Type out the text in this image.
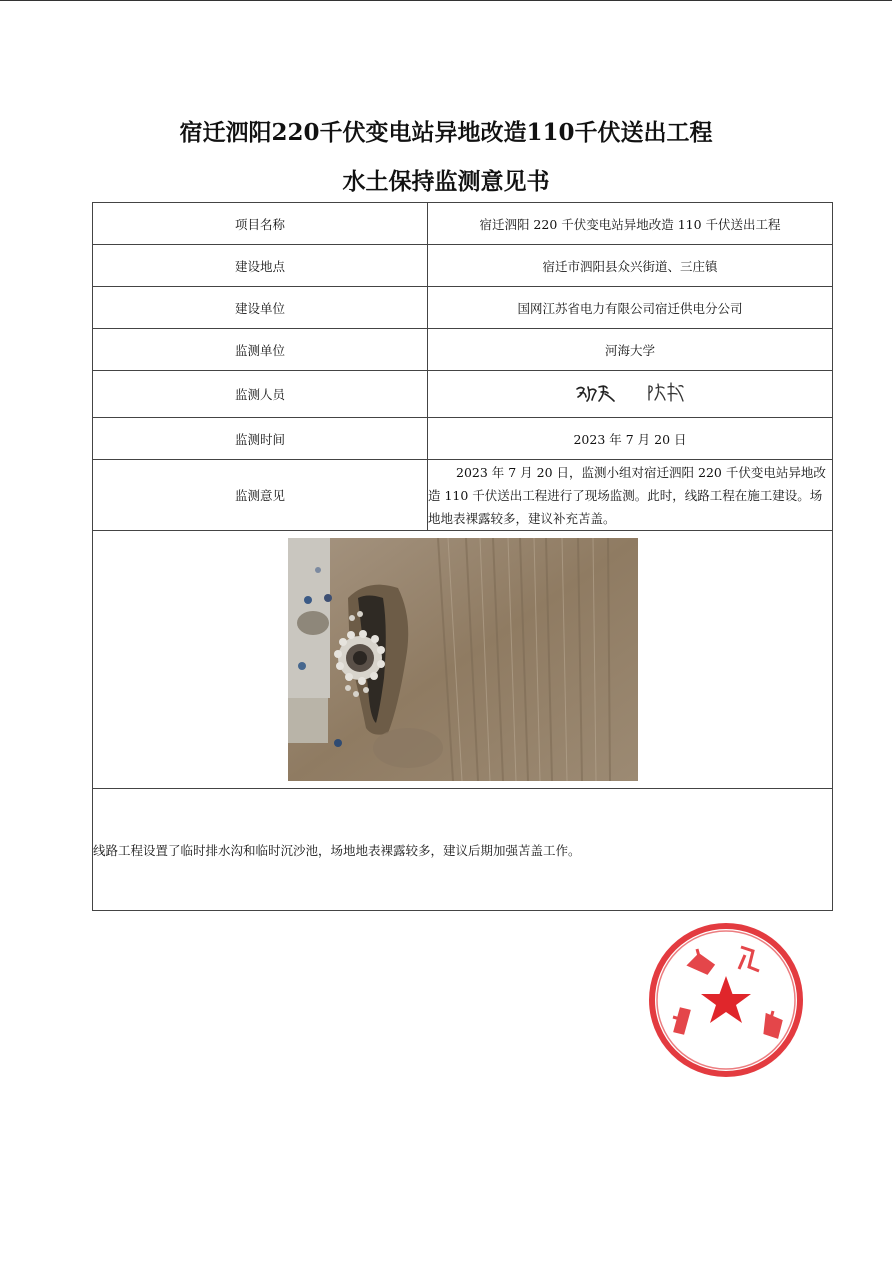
宿迁泗阳220千伏变电站异地改造110千伏送出工程
水土保持监测意见书
项目名称	宿迁泗阳 220 千伏变电站异地改造 110 千伏送出工程
建设地点	宿迁市泗阳县众兴街道、三庄镇
建设单位	国网江苏省电力有限公司宿迁供电分公司
监测单位	河海大学
监测人员	

监测时间	2023 年 7 月 20 日
监测意见	2023 年 7 月 20 日，监测小组对宿迁泗阳 220 千伏变电站异地改造 110 千伏送出工程进行了现场监测。此时，线路工程在施工建设。场地地表裸露较多，建议补充苫盖。

线路工程设置了临时排水沟和临时沉沙池，场地地表裸露较多，建议后期加强苫盖工作。	
